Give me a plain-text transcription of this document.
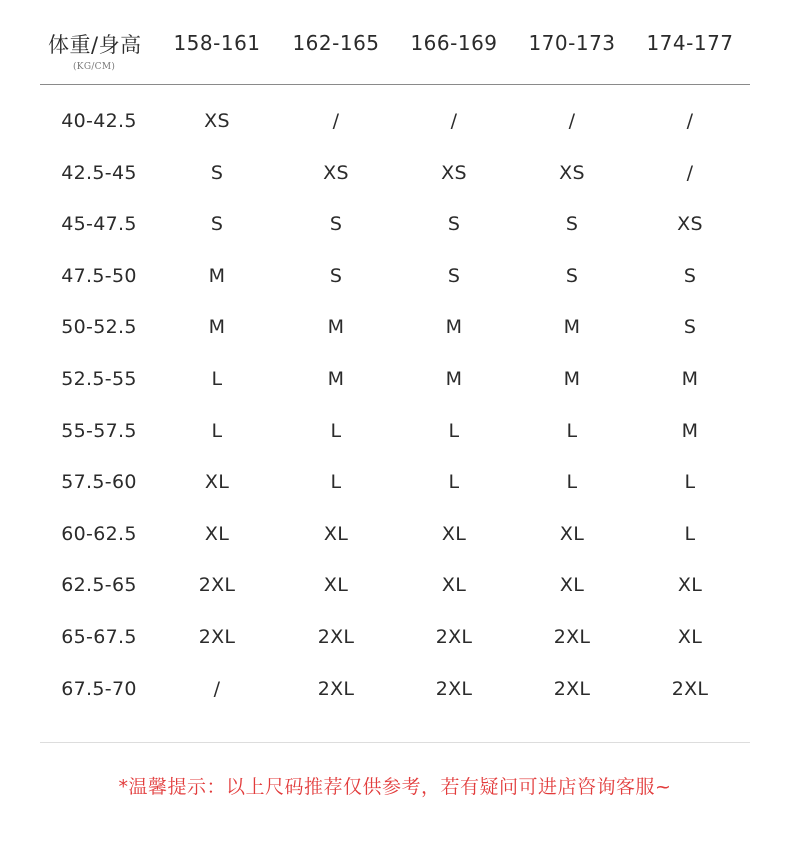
体重/身高
(KG/CM)
158-161	162-165	166-169	170-173	174-177
40-42.5	XS	/	/	/	/
42.5-45	S	XS	XS	XS	/
45-47.5	S	S	S	S	XS
47.5-50	M	S	S	S	S
50-52.5	M	M	M	M	S
52.5-55	L	M	M	M	M
55-57.5	L	L	L	L	M
57.5-60	XL	L	L	L	L
60-62.5	XL	XL	XL	XL	L
62.5-65	2XL	XL	XL	XL	XL
65-67.5	2XL	2XL	2XL	2XL	XL
67.5-70	/	2XL	2XL	2XL	2XL
*温馨提示：以上尺码推荐仅供参考，若有疑问可进店咨询客服~
